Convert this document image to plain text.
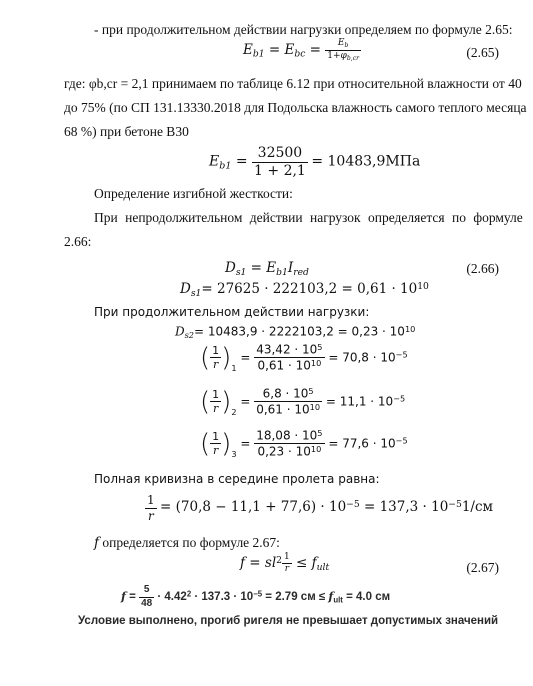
- при продолжительном действии нагрузки определяем по формуле 2.65:
$E_{b1} = E_{bc} = \frac{E_b}{1+\varphi_{b,cr}}$	(2.65)
где: φb,cr = 2,1 принимаем по таблице 6.12 при относительной влажности от 40
до 75% (по СП 131.13330.2018 для Подольска влажность самого теплого месяца
68 %) при бетоне В30
$E_{b1} = \frac{32500}{1 + 2,1} = 10483,9МПа$
Определение изгибной жесткости:
При непродолжительном действии нагрузок определяется по формуле
2.66:
$D_{s1} = E_{b1}I_{red}$	(2.66)
$D_{s1}= 27625 \cdot 222103,2 = 0,61 \cdot 10^{10}$
При продолжительном действии нагрузки:
$D_{s2}= 10483,9 \cdot 2222103,2 = 0,23 \cdot 10^{10}$
( $\frac{1}{r} )_1 = \frac{43,42 \cdot 10^5}{0,61 \cdot 10^{10}} = 70,8 \cdot 10^{-5}$
( $\frac{1}{r} )_2 = \frac{6,8 \cdot 10^5}{0,61 \cdot 10^{10}} = 11,1 \cdot 10^{-5}$
( $\frac{1}{r} )_3 = \frac{18,08 \cdot 10^5}{0,23 \cdot 10^{10}} = 77,6 \cdot 10^{-5}$
Полная кривизна в середине пролета равна:
$\frac{1}{r} = (70,8 - 11,1 + 77,6) \cdot 10^{-5} = 137,3 \cdot 10^{-5}1/см$
f определяется по формуле 2.67:
$f = sl^2 \frac{1}{r} \le f_{ult}$	(2.67)
$f = \frac{5}{48} \cdot 4.42^2 \cdot 137.3 \cdot 10^{-5} = 2.79$ см ≤ $f_{ult} = 4.0$ см
Условие выполнено, прогиб ригеля не превышает допустимых значений
